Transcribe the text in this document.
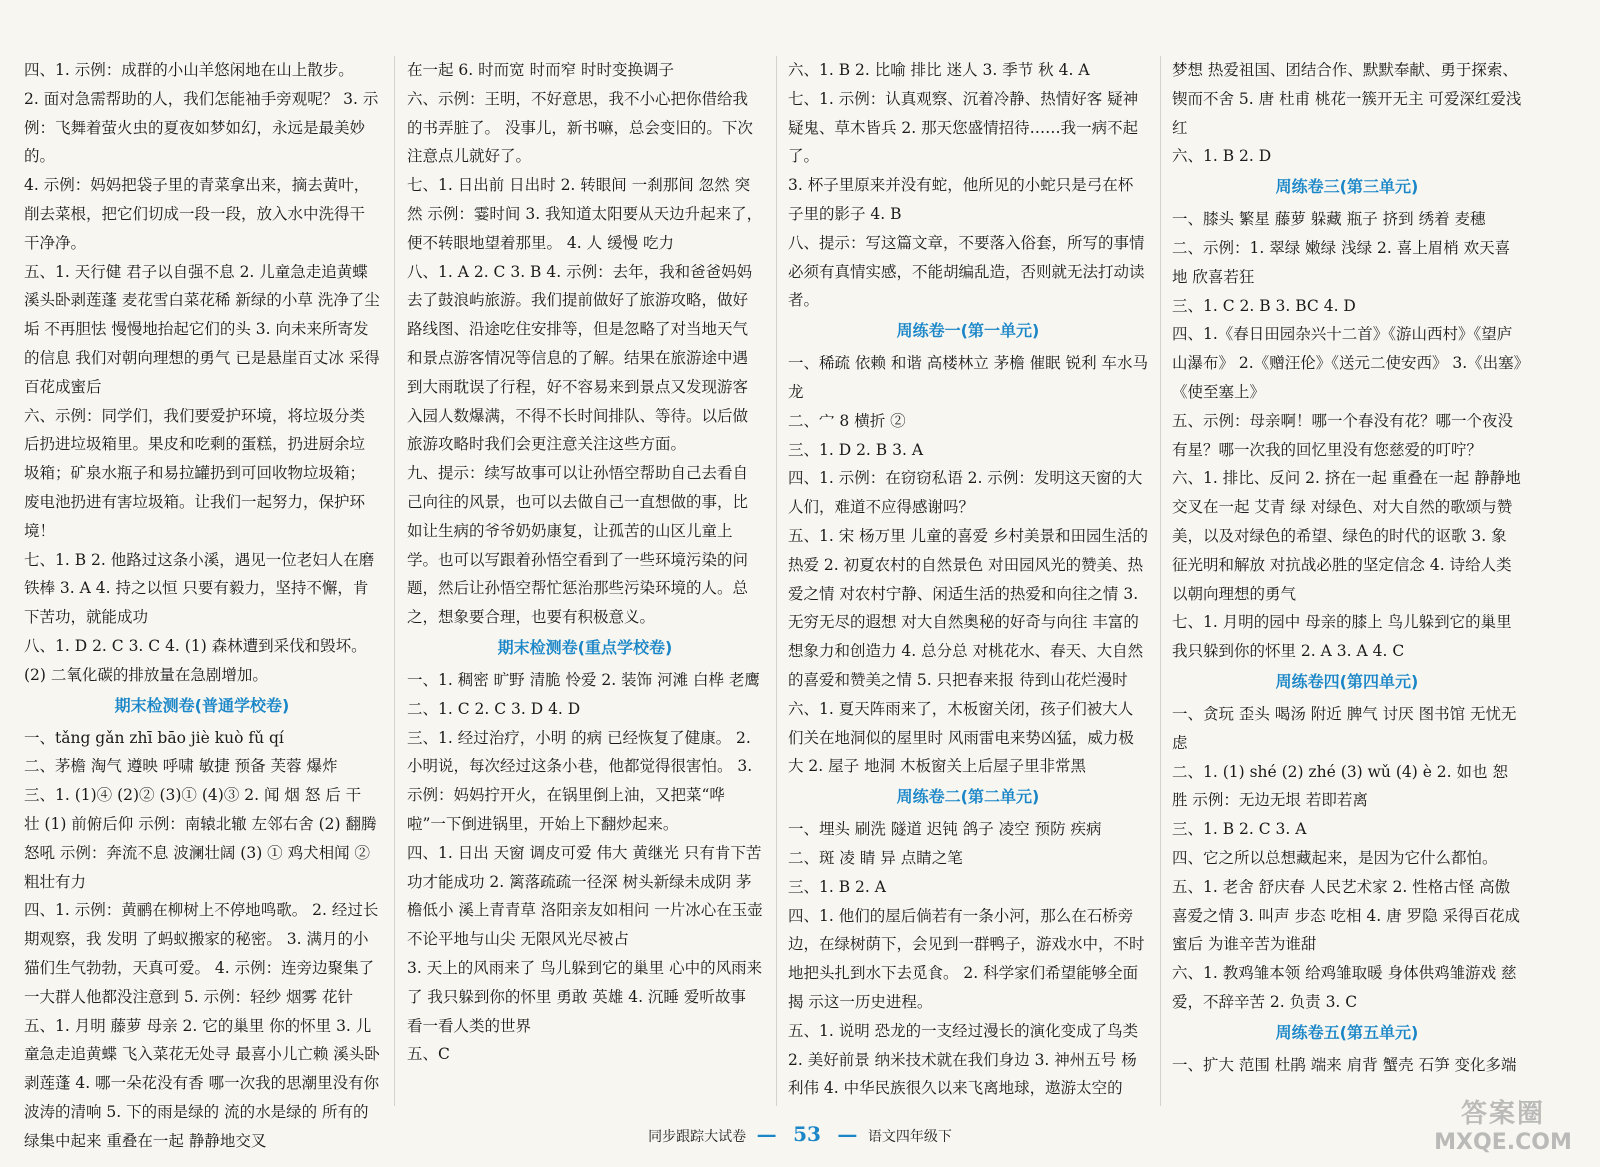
四、1. 示例：成群的小山羊悠闲地在山上散步。
2. 面对急需帮助的人，我们怎能袖手旁观呢？ 3. 示例：飞舞着萤火虫的夏夜如梦如幻，永远是最美妙的。
4. 示例：妈妈把袋子里的青菜拿出来，摘去黄叶，削去菜根，把它们切成一段一段，放入水中洗得干干净净。
五、1. 天行健 君子以自强不息 2. 儿童急走追黄蝶 溪头卧剥莲蓬 麦花雪白菜花稀 新绿的小草 洗净了尘垢 不再胆怯 慢慢地抬起它们的头 3. 向未来所寄发的信息 我们对朝向理想的勇气 已是悬崖百丈冰 采得百花成蜜后
六、示例：同学们，我们要爱护环境，将垃圾分类后扔进垃圾箱里。果皮和吃剩的蛋糕，扔进厨余垃圾箱；矿泉水瓶子和易拉罐扔到可回收物垃圾箱；废电池扔进有害垃圾箱。让我们一起努力，保护环境！
七、1. B 2. 他路过这条小溪，遇见一位老妇人在磨铁棒 3. A 4. 持之以恒 只要有毅力，坚持不懈，肯下苦功，就能成功
八、1. D 2. C 3. C 4. (1) 森林遭到采伐和毁坏。(2) 二氧化碳的排放量在急剧增加。
期末检测卷(普通学校卷)
一、tǎng gǎn zhī bāo jiè kuò fǔ qí
二、茅檐 淘气 遵映 呼啸 敏捷 预备 芙蓉 爆炸
三、1. (1)④ (2)② (3)① (4)③ 2. 闻 烟 怒 后 干 壮 (1) 前俯后仰 示例：南辕北辙 左邻右舍 (2) 翻腾怒吼 示例：奔流不息 波澜壮阔 (3) ① 鸡犬相闻 ② 粗壮有力
四、1. 示例：黄鹂在柳树上不停地鸣歌。 2. 经过长期观察，我 发明 了蚂蚁搬家的秘密。 3. 满月的小猫们生气勃勃，天真可爱。 4. 示例：连旁边聚集了一大群人他都没注意到 5. 示例：轻纱 烟雾 花针
五、1. 月明 藤萝 母亲 2. 它的巢里 你的怀里 3. 儿童急走追黄蝶 飞入菜花无处寻 最喜小儿亡赖 溪头卧剥莲蓬 4. 哪一朵花没有香 哪一次我的思潮里没有你波涛的清响 5. 下的雨是绿的 流的水是绿的 所有的绿集中起来 重叠在一起 静静地交叉
在一起 6. 时而宽 时而窄 时时变换调子
六、示例：王明，不好意思，我不小心把你借给我的书弄脏了。 没事儿，新书嘛，总会变旧的。下次注意点儿就好了。
七、1. 日出前 日出时 2. 转眼间 一刹那间 忽然 突然 示例：霎时间 3. 我知道太阳要从天边升起来了，便不转眼地望着那里。 4. 人 缓慢 吃力
八、1. A 2. C 3. B 4. 示例：去年，我和爸爸妈妈去了鼓浪屿旅游。我们提前做好了旅游攻略，做好路线图、沿途吃住安排等，但是忽略了对当地天气和景点游客情况等信息的了解。结果在旅游途中遇到大雨耽误了行程，好不容易来到景点又发现游客入园人数爆满，不得不长时间排队、等待。以后做旅游攻略时我们会更注意关注这些方面。
九、提示：续写故事可以让孙悟空帮助自己去看自己向往的风景，也可以去做自己一直想做的事，比如让生病的爷爷奶奶康复，让孤苦的山区儿童上学。也可以写跟着孙悟空看到了一些环境污染的问题，然后让孙悟空帮忙惩治那些污染环境的人。总之，想象要合理，也要有积极意义。
期末检测卷(重点学校卷)
一、1. 稠密 旷野 清脆 怜爱 2. 装饰 河滩 白桦 老鹰
二、1. C 2. C 3. D 4. D
三、1. 经过治疗，小明 的病 已经恢复了健康。 2. 小明说，每次经过这条小巷，他都觉得很害怕。 3. 示例：妈妈拧开火，在锅里倒上油，又把菜“哗啦”一下倒进锅里，开始上下翻炒起来。
四、1. 日出 天窗 调皮可爱 伟大 黄继光 只有肯下苦功才能成功 2. 篱落疏疏一径深 树头新绿未成阴 茅檐低小 溪上青青草 洛阳亲友如相问 一片冰心在玉壶 不论平地与山尖 无限风光尽被占
3. 天上的风雨来了 鸟儿躲到它的巢里 心中的风雨来了 我只躲到你的怀里 勇敢 英雄 4. 沉睡 爱听故事 看一看人类的世界
五、C
六、1. B 2. 比喻 排比 迷人 3. 季节 秋 4. A
七、1. 示例：认真观察、沉着冷静、热情好客 疑神疑鬼、草木皆兵 2. 那天您盛情招待……我一病不起了。
3. 杯子里原来并没有蛇，他所见的小蛇只是弓在杯子里的影子 4. B
八、提示：写这篇文章，不要落入俗套，所写的事情必须有真情实感，不能胡编乱造，否则就无法打动读者。
周练卷一(第一单元)
一、稀疏 依赖 和谐 高楼林立 茅檐 催眠 锐利 车水马龙
二、宀 8 横折 ②
三、1. D 2. B 3. A
四、1. 示例：在窃窃私语 2. 示例：发明这天窗的大人们，难道不应得感谢吗？
五、1. 宋 杨万里 儿童的喜爱 乡村美景和田园生活的热爱 2. 初夏农村的自然景色 对田园风光的赞美、热爱之情 对农村宁静、闲适生活的热爱和向往之情 3. 无穷无尽的遐想 对大自然奥秘的好奇与向往 丰富的想象力和创造力 4. 总分总 对桃花水、春天、大自然的喜爱和赞美之情 5. 只把春来报 待到山花烂漫时
六、1. 夏天阵雨来了，木板窗关闭，孩子们被大人们关在地洞似的屋里时 风雨雷电来势凶猛，威力极大 2. 屋子 地洞 木板窗关上后屋子里非常黑
周练卷二(第二单元)
一、埋头 刷洗 隧道 迟钝 鸽子 凌空 预防 疾病
二、斑 凌 睛 异 点睛之笔
三、1. B 2. A
四、1. 他们的屋后倘若有一条小河，那么在石桥旁边，在绿树荫下，会见到一群鸭子，游戏水中，不时地把头扎到水下去觅食。 2. 科学家们希望能够全面 揭 示这一历史进程。
五、1. 说明 恐龙的一支经过漫长的演化变成了鸟类 2. 美好前景 纳米技术就在我们身边 3. 神州五号 杨利伟 4. 中华民族很久以来飞离地球，遨游太空的
梦想 热爱祖国、团结合作、默默奉献、勇于探索、锲而不舍 5. 唐 杜甫 桃花一簇开无主 可爱深红爱浅红
六、1. B 2. D
周练卷三(第三单元)
一、膝头 繁星 藤萝 躲藏 瓶子 挤到 绣着 麦穗
二、示例：1. 翠绿 嫩绿 浅绿 2. 喜上眉梢 欢天喜地 欣喜若狂
三、1. C 2. B 3. BC 4. D
四、1.《春日田园杂兴十二首》《游山西村》《望庐山瀑布》 2.《赠汪伦》《送元二使安西》 3.《出塞》《使至塞上》
五、示例：母亲啊！哪一个春没有花？哪一个夜没有星？哪一次我的回忆里没有您慈爱的叮咛？
六、1. 排比、反问 2. 挤在一起 重叠在一起 静静地交叉在一起 艾青 绿 对绿色、对大自然的歌颂与赞美，以及对绿色的希望、绿色的时代的讴歌 3. 象征光明和解放 对抗战必胜的坚定信念 4. 诗给人类以朝向理想的勇气
七、1. 月明的园中 母亲的膝上 鸟儿躲到它的巢里 我只躲到你的怀里 2. A 3. A 4. C
周练卷四(第四单元)
一、贪玩 歪头 喝汤 附近 脾气 讨厌 图书馆 无忧无虑
二、1. (1) shé (2) zhé (3) wǔ (4) è 2. 如也 恕 胜 示例：无边无垠 若即若离
三、1. B 2. C 3. A
四、它之所以总想藏起来，是因为它什么都怕。
五、1. 老舍 舒庆春 人民艺术家 2. 性格古怪 高傲 喜爱之情 3. 叫声 步态 吃相 4. 唐 罗隐 采得百花成蜜后 为谁辛苦为谁甜
六、1. 教鸡雏本领 给鸡雏取暖 身体供鸡雏游戏 慈爱，不辞辛苦 2. 负责 3. C
周练卷五(第五单元)
一、扩大 范围 杜鹃 端来 肩背 蟹壳 石笋 变化多端
同步跟踪大试卷 — 53 — 语文四年级下
答案圈
MXQE.COM
